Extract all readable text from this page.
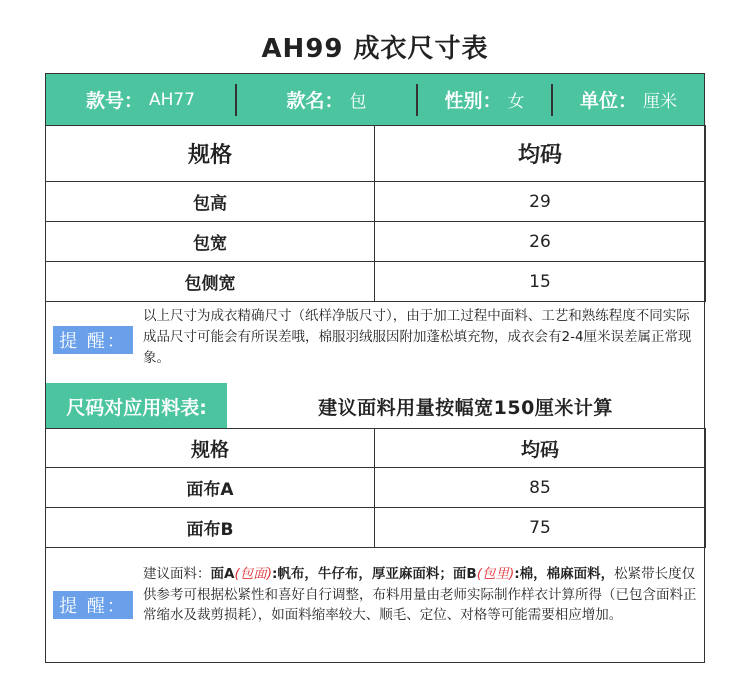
AH99 成衣尺寸表
款号： AH77	款名： 包	性别： 女	单位： 厘米
规格	均码
包高	29
包宽	26
包侧宽	15
提 醒：
以上尺寸为成衣精确尺寸（纸样净版尺寸），由于加工过程中面料、工艺和熟练程度不同实际成品尺寸可能会有所误差哦，棉服羽绒服因附加蓬松填充物，成衣会有2-4厘米误差属正常现象。
尺码对应用料表:	建议面料用量按幅宽150厘米计算
规格	均码
面布A	85
面布B	75
提 醒：
建议面料：面A(包面):帆布，牛仔布，厚亚麻面料；面B(包里):棉，棉麻面料，松紧带长度仅供参考可根据松紧性和喜好自行调整，布料用量由老师实际制作样衣计算所得（已包含面料正常缩水及裁剪损耗），如面料缩率较大、顺毛、定位、对格等可能需要相应增加。
